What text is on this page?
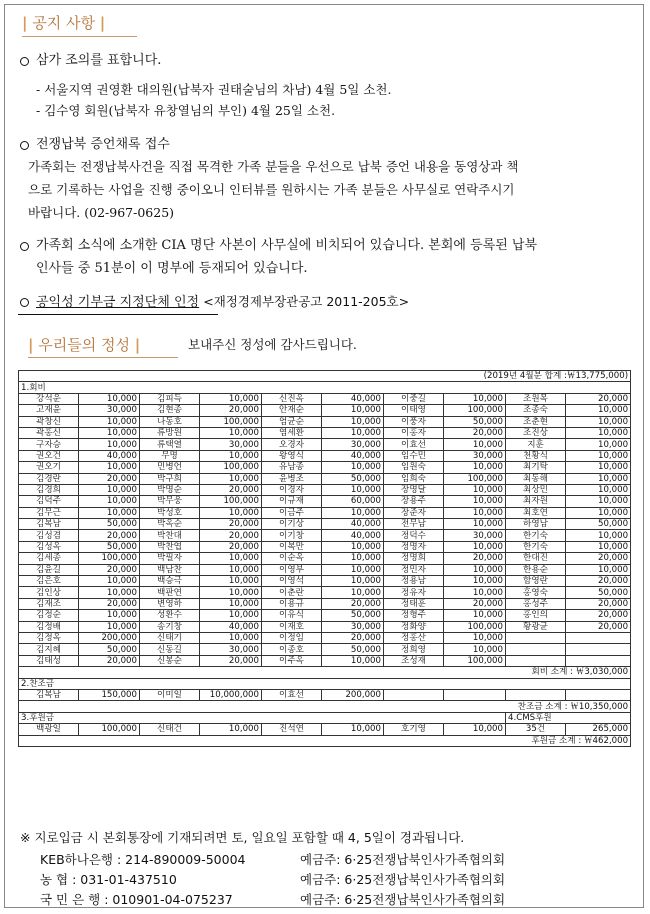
| 공지 사항 |
삼가 조의를 표합니다.
- 서울지역 권영환 대의원(납북자 권태술님의 차남) 4월 5일 소천.
- 김수영 회원(납북자 유창열님의 부인) 4월 25일 소천.
전쟁납북 증언채록 접수
가족회는 전쟁납북사건을 직접 목격한 가족 분들을 우선으로 납북 증언 내용을 동영상과 책
으로 기록하는 사업을 진행 중이오니 인터뷰를 원하시는 가족 분들은 사무실로 연락주시기
바랍니다. (02-967-0625)
가족회 소식에 소개한 CIA 명단 사본이 사무실에 비치되어 있습니다. 본회에 등록된 납북
인사들 중 51분이 이 명부에 등재되어 있습니다.
공익성 기부금 지정단체 인정 <재정경제부장관공고 2011-205호>
| 우리들의 정성 |	보내주신 정성에 감사드립니다.
(2019년 4월분 합계 :￦13,775,000)									
1.회비									
강석운	10,000	김피득	10,000	신진옥	40,000	이중길	10,000	조원목	20,000
고재윤	30,000	김현종	20,000	안재순	10,000	이태영	100,000	조종숙	10,000
곽창신	10,000	나동호	100,000	엄균순	10,000	이풍자	50,000	조춘현	10,000
곽홍신	10,000	류방원	10,000	염세환	10,000	이홍자	20,000	조진상	10,000
구자승	10,000	류택열	30,000	오경자	30,000	이효선	10,000	지훈	10,000
권오건	40,000	무명	10,000	왕영식	40,000	임수민	30,000	천황식	10,000
권오기	10,000	민병언	100,000	유남종	10,000	임원숙	10,000	최기탁	10,000
김경란	20,000	박구희	10,000	윤병조	50,000	임희숙	100,000	최동해	10,000
김경희	10,000	박명순	20,000	이경자	10,000	장명달	10,000	최상민	10,000
김덕주	10,000	박무웅	100,000	이규재	60,000	장용주	10,000	최자원	10,000
김무근	10,000	박성호	10,000	이금주	10,000	장준자	10,000	최호연	10,000
김복남	50,000	박옥순	20,000	이기상	40,000	전무남	10,000	하영남	50,000
김성겸	20,000	박찬대	20,000	이기창	40,000	정덕수	30,000	한기숙	10,000
김성옥	50,000	박찬엽	20,000	이복만	10,000	정명자	10,000	한기숙	10,000
김세종	100,000	박필자	10,000	이순옥	10,000	정명희	20,000	한대진	20,000
김윤길	20,000	백남찬	10,000	이영부	10,000	정민자	10,000	한용순	10,000
김은호	10,000	백승극	10,000	이영석	10,000	정용남	10,000	함영란	20,000
김인상	10,000	백판연	10,000	이춘란	10,000	정유자	10,000	홍영숙	50,000
김재조	20,000	변영하	10,000	이용규	20,000	정태훈	20,000	홍성주	20,000
김정순	10,000	성환수	10,000	이유식	50,000	정형주	10,000	홍인의	20,000
김정배	10,000	송기창	40,000	이재호	30,000	정화양	100,000	황광균	20,000
김정옥	200,000	신태기	10,000	이정임	20,000	정홍산	10,000		
김지혜	50,000	신동길	30,000	이종호	50,000	정희영	10,000		
김태성	20,000	신봉순	20,000	이주옥	10,000	조성재	100,000		
회비 소계 : ￦3,030,000									
2.찬조금									
김복남	150,000	이미일	10,000,000	이효선	200,000				
찬조금 소계 : ￦10,350,000									
3.후원금								4.CMS후원	
백광일	100,000	신태건	10,000	진석연	10,000	호기영	10,000	35건	265,000
후원금 소계 : ￦462,000									
※ 지로입금 시 본회통장에 기재되려면 토, 일요일 포함할 때 4, 5일이 경과됩니다.
KEB하나은행 : 214-890009-50004	예금주: 6·25전쟁납북인사가족협의회
농 협 : 031-01-437510	예금주: 6·25전쟁납북인사가족협의회
국 민 은 행 : 010901-04-075237	예금주: 6·25전쟁납북인사가족협의회
